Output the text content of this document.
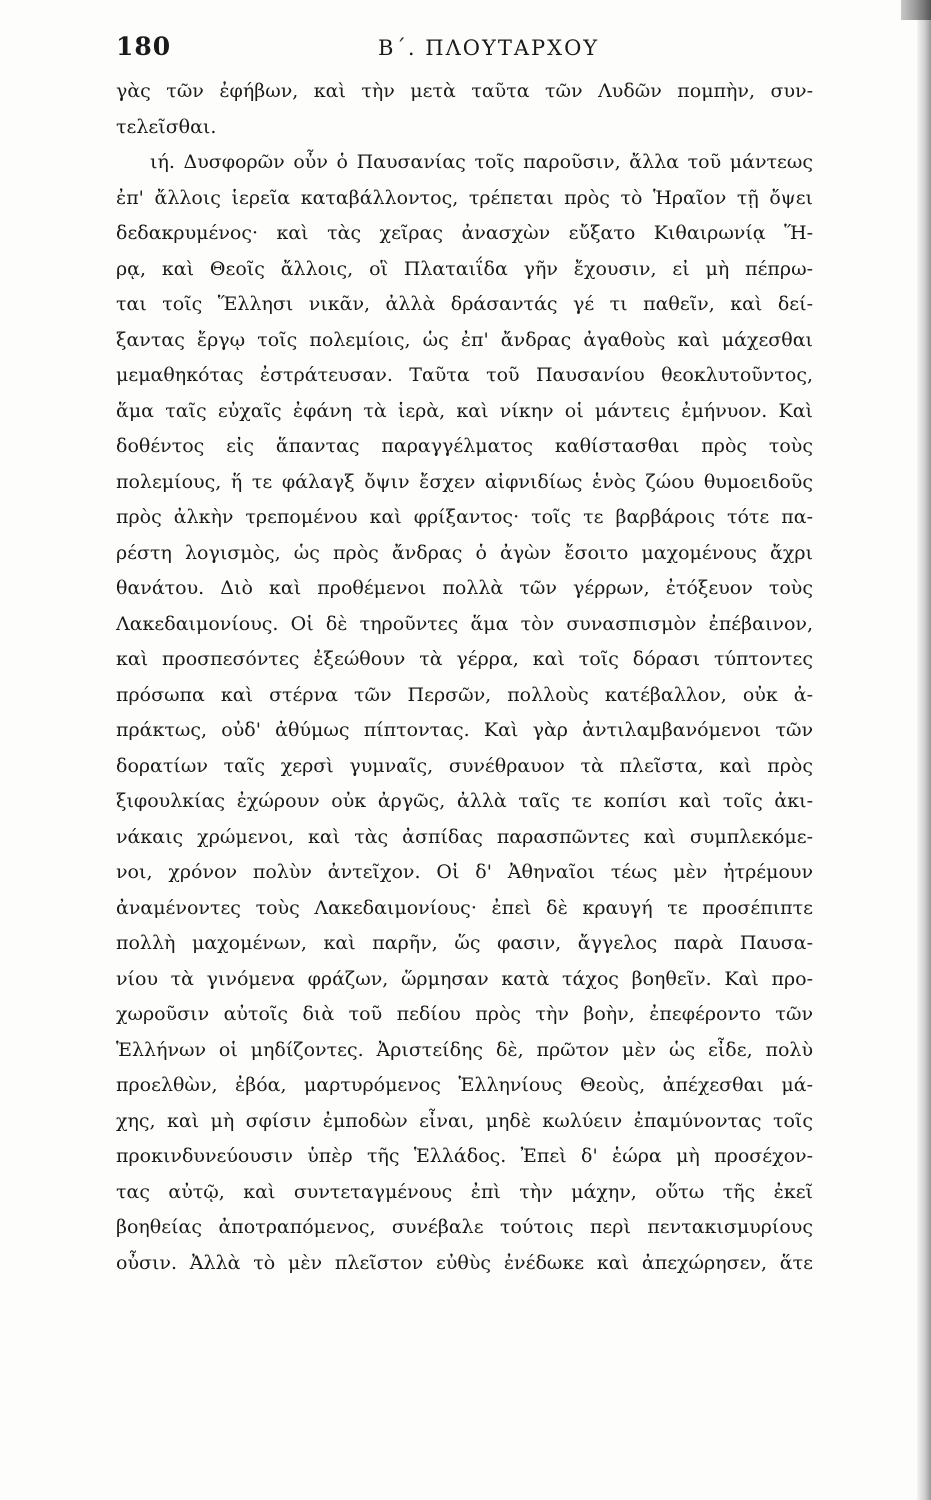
180	Β΄. ΠΛΟΥΤΑΡΧΟΥ
γὰς τῶν ἐφήβων, καὶ τὴν μετὰ ταῦτα τῶν Λυδῶν πομπὴν, συν-
τελεῖσθαι.
ιή. Δυσφορῶν οὖν ὁ Παυσανίας τοῖς παροῦσιν, ἄλλα τοῦ μάντεως
ἐπ' ἄλλοις ἱερεῖα καταβάλλοντος, τρέπεται πρὸς τὸ Ἡραῖον τῇ ὄψει
δεδακρυμένος· καὶ τὰς χεῖρας ἀνασχὼν εὔξατο Κιθαιρωνίᾳ Ἥ-
ρᾳ, καὶ Θεοῖς ἄλλοις, οἳ Πλαταιΐδα γῆν ἔχουσιν, εἰ μὴ πέπρω-
ται τοῖς Ἕλλησι νικᾶν, ἀλλὰ δράσαντάς γέ τι παθεῖν, καὶ δεί-
ξαντας ἔργῳ τοῖς πολεμίοις, ὡς ἐπ' ἄνδρας ἀγαθοὺς καὶ μάχεσθαι
μεμαθηκότας ἐστράτευσαν. Ταῦτα τοῦ Παυσανίου θεοκλυτοῦντος,
ἅμα ταῖς εὐχαῖς ἐφάνη τὰ ἱερὰ, καὶ νίκην οἱ μάντεις ἐμήνυον. Καὶ
δοθέντος εἰς ἅπαντας παραγγέλματος καθίστασθαι πρὸς τοὺς
πολεμίους, ἥ τε φάλαγξ ὄψιν ἔσχεν αἰφνιδίως ἑνὸς ζώου θυμοειδοῦς
πρὸς ἀλκὴν τρεπομένου καὶ φρίξαντος· τοῖς τε βαρβάροις τότε πα-
ρέστη λογισμὸς, ὡς πρὸς ἄνδρας ὁ ἀγὼν ἔσοιτο μαχομένους ἄχρι
θανάτου. Διὸ καὶ προθέμενοι πολλὰ τῶν γέρρων, ἐτόξευον τοὺς
Λακεδαιμονίους. Οἱ δὲ τηροῦντες ἅμα τὸν συνασπισμὸν ἐπέβαινον,
καὶ προσπεσόντες ἐξεώθουν τὰ γέρρα, καὶ τοῖς δόρασι τύπτοντες
πρόσωπα καὶ στέρνα τῶν Περσῶν, πολλοὺς κατέβαλλον, οὐκ ἀ-
πράκτως, οὐδ' ἀθύμως πίπτοντας. Καὶ γὰρ ἀντιλαμβανόμενοι τῶν
δορατίων ταῖς χερσὶ γυμναῖς, συνέθραυον τὰ πλεῖστα, καὶ πρὸς
ξιφουλκίας ἐχώρουν οὐκ ἀργῶς, ἀλλὰ ταῖς τε κοπίσι καὶ τοῖς ἀκι-
νάκαις χρώμενοι, καὶ τὰς ἀσπίδας παρασπῶντες καὶ συμπλεκόμε-
νοι, χρόνον πολὺν ἀντεῖχον. Οἱ δ' Ἀθηναῖοι τέως μὲν ἠτρέμουν
ἀναμένοντες τοὺς Λακεδαιμονίους· ἐπεὶ δὲ κραυγή τε προσέπιπτε
πολλὴ μαχομένων, καὶ παρῆν, ὥς φασιν, ἄγγελος παρὰ Παυσα-
νίου τὰ γινόμενα φράζων, ὥρμησαν κατὰ τάχος βοηθεῖν. Καὶ προ-
χωροῦσιν αὐτοῖς διὰ τοῦ πεδίου πρὸς τὴν βοὴν, ἐπεφέροντο τῶν
Ἑλλήνων οἱ μηδίζοντες. Ἀριστείδης δὲ, πρῶτον μὲν ὡς εἶδε, πολὺ
προελθὼν, ἐβόα, μαρτυρόμενος Ἑλληνίους Θεοὺς, ἀπέχεσθαι μά-
χης, καὶ μὴ σφίσιν ἐμποδὼν εἶναι, μηδὲ κωλύειν ἐπαμύνοντας τοῖς
προκινδυνεύουσιν ὑπὲρ τῆς Ἑλλάδος. Ἐπεὶ δ' ἑώρα μὴ προσέχον-
τας αὐτῷ, καὶ συντεταγμένους ἐπὶ τὴν μάχην, οὕτω τῆς ἐκεῖ
βοηθείας ἀποτραπόμενος, συνέβαλε τούτοις περὶ πεντακισμυρίους
οὖσιν. Ἀλλὰ τὸ μὲν πλεῖστον εὐθὺς ἐνέδωκε καὶ ἀπεχώρησεν, ἅτε
